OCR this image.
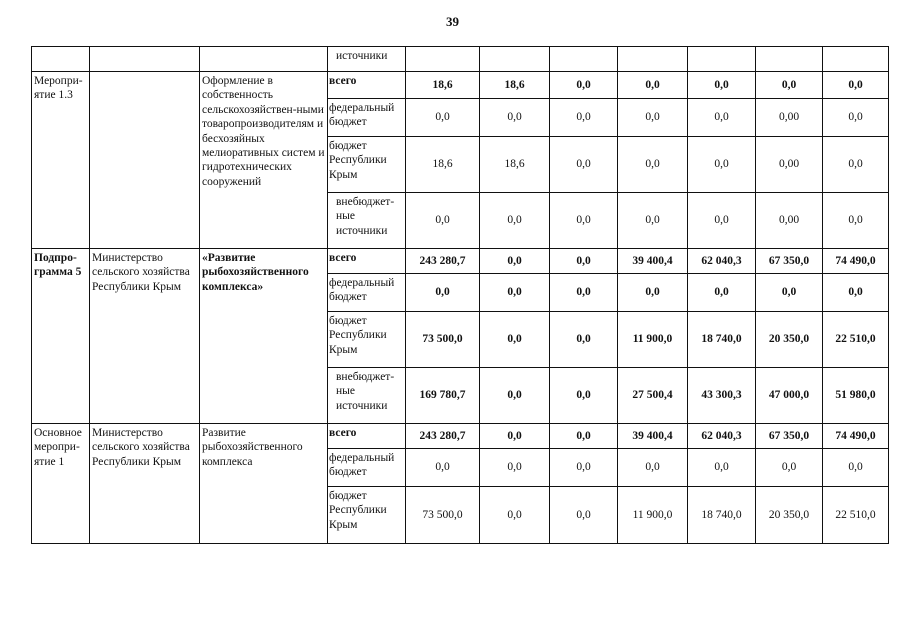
39
			источники							
Меропри-ятие 1.3		Оформление в собственность сельскохозяйствен-ными товаропроизводителям и бесхозяйных мелиоративных систем и гидротехнических сооружений	всего	18,6	18,6	0,0	0,0	0,0	0,0	0,0
			федеральный бюджет	0,0	0,0	0,0	0,0	0,0	0,00	0,0
			бюджет Республики Крым	18,6	18,6	0,0	0,0	0,0	0,00	0,0
			внебюджет-ные источники	0,0	0,0	0,0	0,0	0,0	0,00	0,0
Подпро-грамма 5	Министерство сельского хозяйства Республики Крым	«Развитие рыбохозяйственного комплекса»	всего	243 280,7	0,0	0,0	39 400,4	62 040,3	67 350,0	74 490,0
			федеральный бюджет	0,0	0,0	0,0	0,0	0,0	0,0	0,0
			бюджет Республики Крым	73 500,0	0,0	0,0	11 900,0	18 740,0	20 350,0	22 510,0
			внебюджет-ные источники	169 780,7	0,0	0,0	27 500,4	43 300,3	47 000,0	51 980,0
Основное меропри-ятие 1	Министерство сельского хозяйства Республики Крым	Развитие рыбохозяйственного комплекса	всего	243 280,7	0,0	0,0	39 400,4	62 040,3	67 350,0	74 490,0
			федеральный бюджет	0,0	0,0	0,0	0,0	0,0	0,0	0,0
			бюджет Республики Крым	73 500,0	0,0	0,0	11 900,0	18 740,0	20 350,0	22 510,0
